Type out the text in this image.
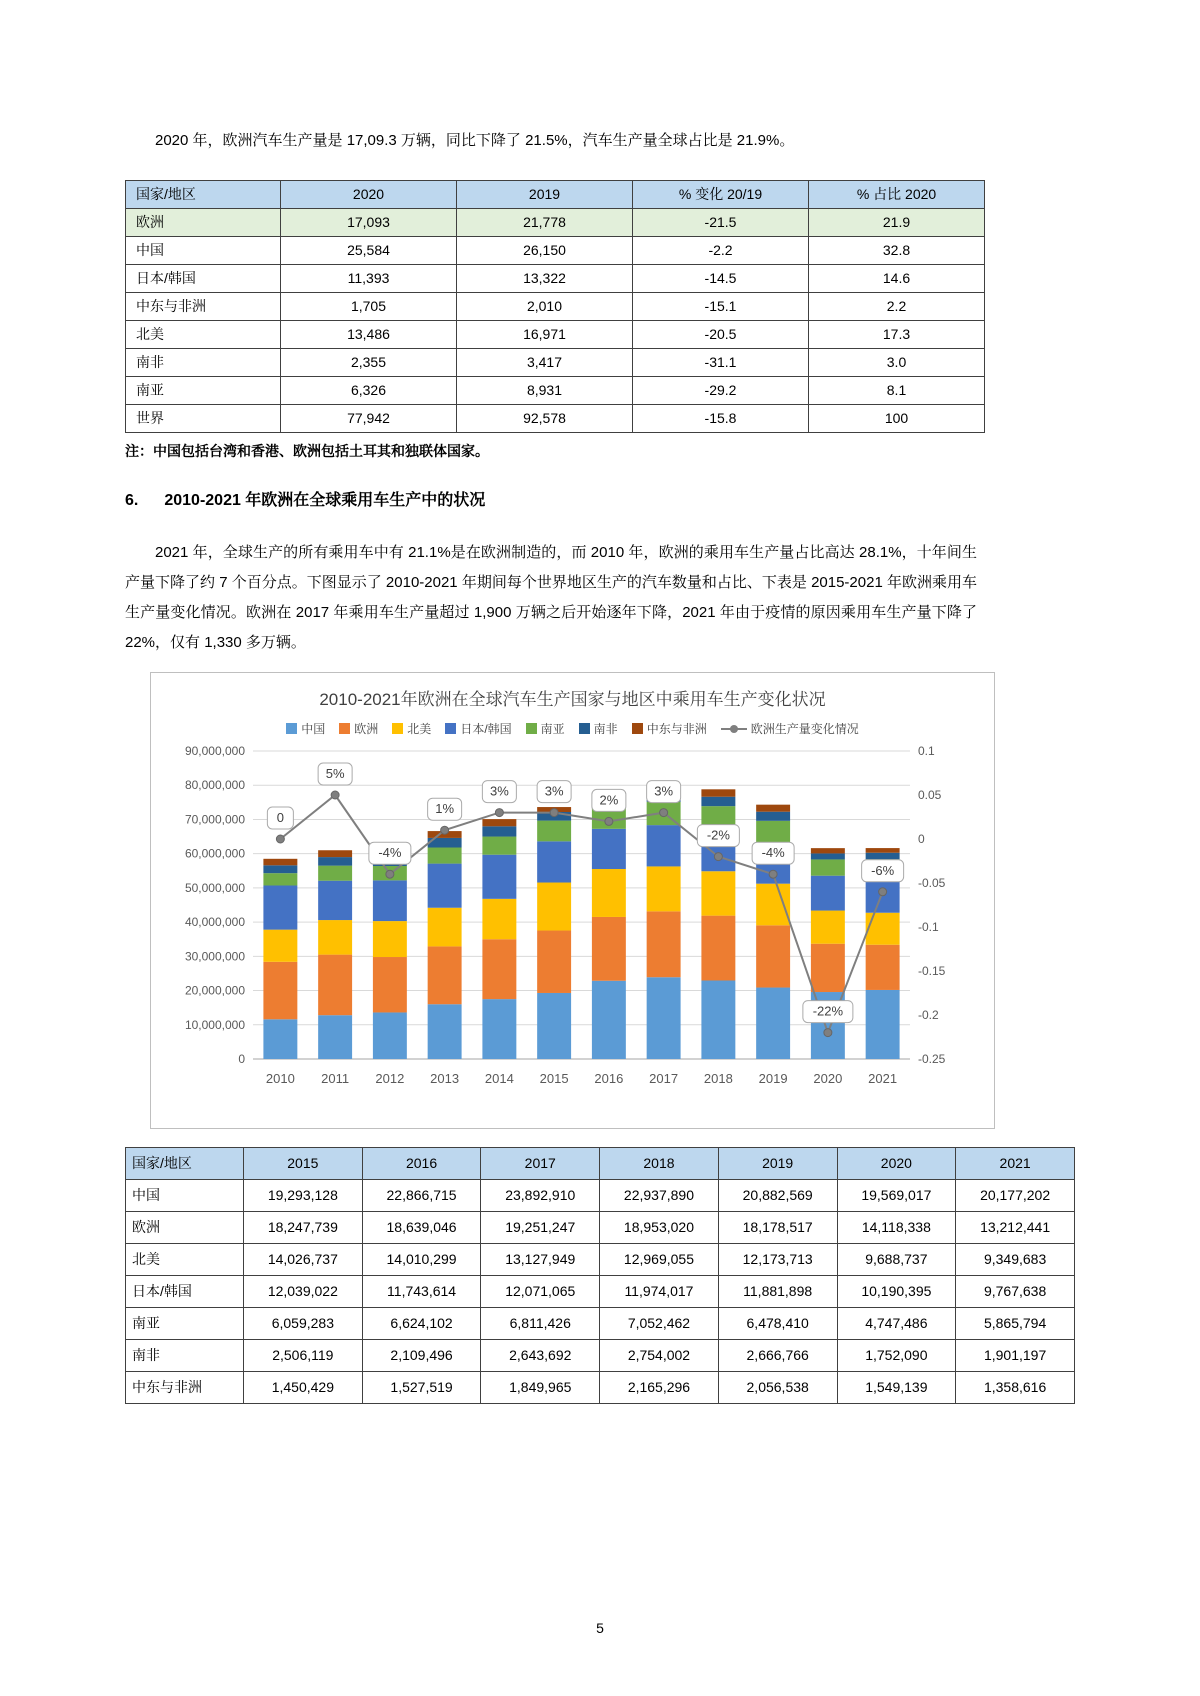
2020 年，欧洲汽车生产量是 17,09.3 万辆，同比下降了 21.5%，汽车生产量全球占比是 21.9%。

国家/地区	2020	2019	% 变化 20/19	% 占比 2020
欧洲	17,093	21,778	-21.5	21.9
中国	25,584	26,150	-2.2	32.8
日本/韩国	11,393	13,322	-14.5	14.6
中东与非洲	1,705	2,010	-15.1	2.2
北美	13,486	16,971	-20.5	17.3
南非	2,355	3,417	-31.1	3.0
南亚	6,326	8,931	-29.2	8.1
世界	77,942	92,578	-15.8	100

注：中国包括台湾和香港、欧洲包括土耳其和独联体国家。

6. 2010-2021 年欧洲在全球乘用车生产中的状况

2021 年，全球生产的所有乘用车中有 21.1%是在欧洲制造的，而 2010 年，欧洲的乘用车生产量占比高达 28.1%，十年间生产量下降了约 7 个百分点。下图显示了 2010-2021 年期间每个世界地区生产的汽车数量和占比、下表是 2015-2021 年欧洲乘用车生产量变化情况。欧洲在 2017 年乘用车生产量超过 1,900 万辆之后开始逐年下降，2021 年由于疫情的原因乘用车生产量下降了 22%，仅有 1,330 多万辆。

2010-2021年欧洲在全球汽车生产国家与地区中乘用车生产变化状况
中国 欧洲 北美 日本/韩国 南亚 南非 中东与非洲	欧洲生产量变化情况
0
10,000,000
20,000,000
30,000,000
40,000,000
50,000,000
60,000,000
70,000,000
80,000,000
90,000,000	0.1
0.05
0
-0.05
-0.1
-0.15
-0.2
-0.25
2010 2011 2012 2013 2014 2015 2016 2017 2018 2019 2020 2021
0
5%
-4%
1%
3%	3%
2%
3%
-2%
-4%
-22%
-6%
国家/地区	2015	2016	2017	2018	2019	2020	2021
中国	19,293,128	22,866,715	23,892,910	22,937,890	20,882,569	19,569,017	20,177,202
欧洲	18,247,739	18,639,046	19,251,247	18,953,020	18,178,517	14,118,338	13,212,441
北美	14,026,737	14,010,299	13,127,949	12,969,055	12,173,713	9,688,737	9,349,683
日本/韩国	12,039,022	11,743,614	12,071,065	11,974,017	11,881,898	10,190,395	9,767,638
南亚	6,059,283	6,624,102	6,811,426	7,052,462	6,478,410	4,747,486	5,865,794
南非	2,506,119	2,109,496	2,643,692	2,754,002	2,666,766	1,752,090	1,901,197
中东与非洲	1,450,429	1,527,519	1,849,965	2,165,296	2,056,538	1,549,139	1,358,616
5
